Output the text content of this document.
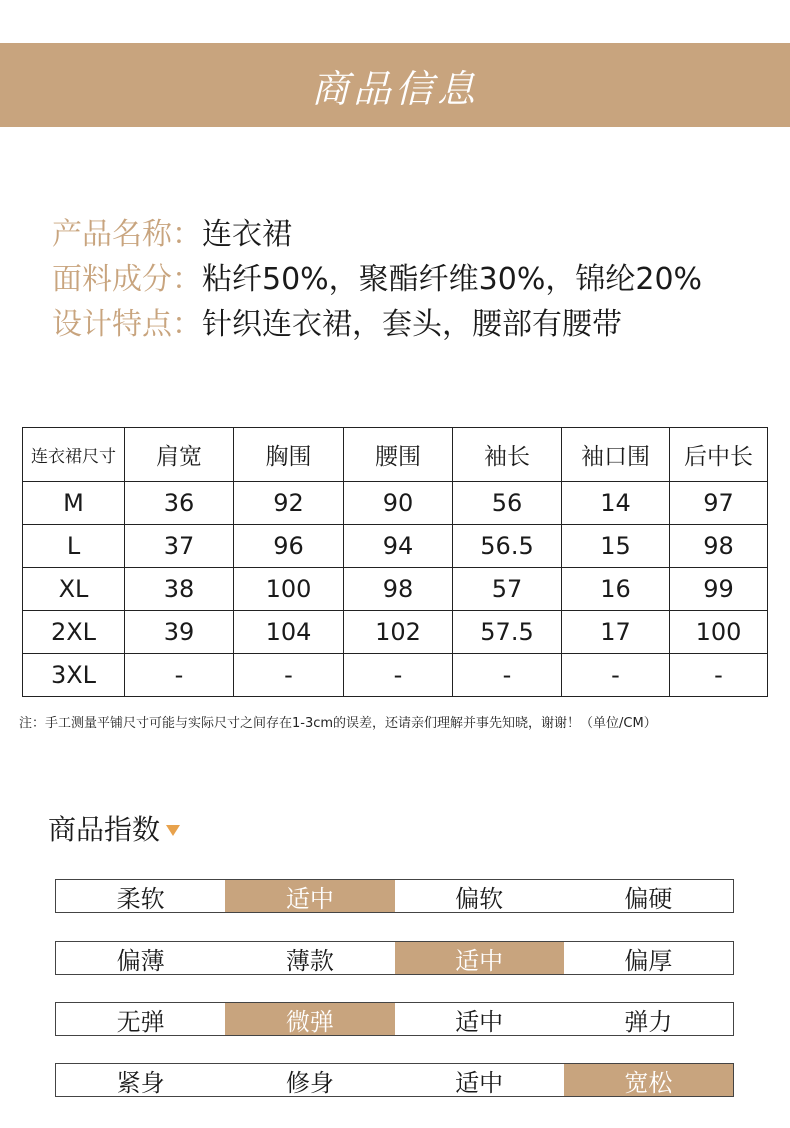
商品信息
产品名称： 连衣裙
面料成分： 粘纤50%，聚酯纤维30%，锦纶20%
设计特点： 针织连衣裙，套头，腰部有腰带
连衣裙尺寸	肩宽	胸围	腰围	袖长	袖口围	后中长
M	36	92	90	56	14	97
L	37	96	94	56.5	15	98
XL	38	100	98	57	16	99
2XL	39	104	102	57.5	17	100
3XL	-	-	-	-	-	-
注：手工测量平铺尺寸可能与实际尺寸之间存在1-3cm的误差，还请亲们理解并事先知晓，谢谢！（单位/CM）
商品指数
柔软	适中	偏软	偏硬
偏薄	薄款	适中	偏厚
无弹	微弹	适中	弹力
紧身	修身	适中	宽松
